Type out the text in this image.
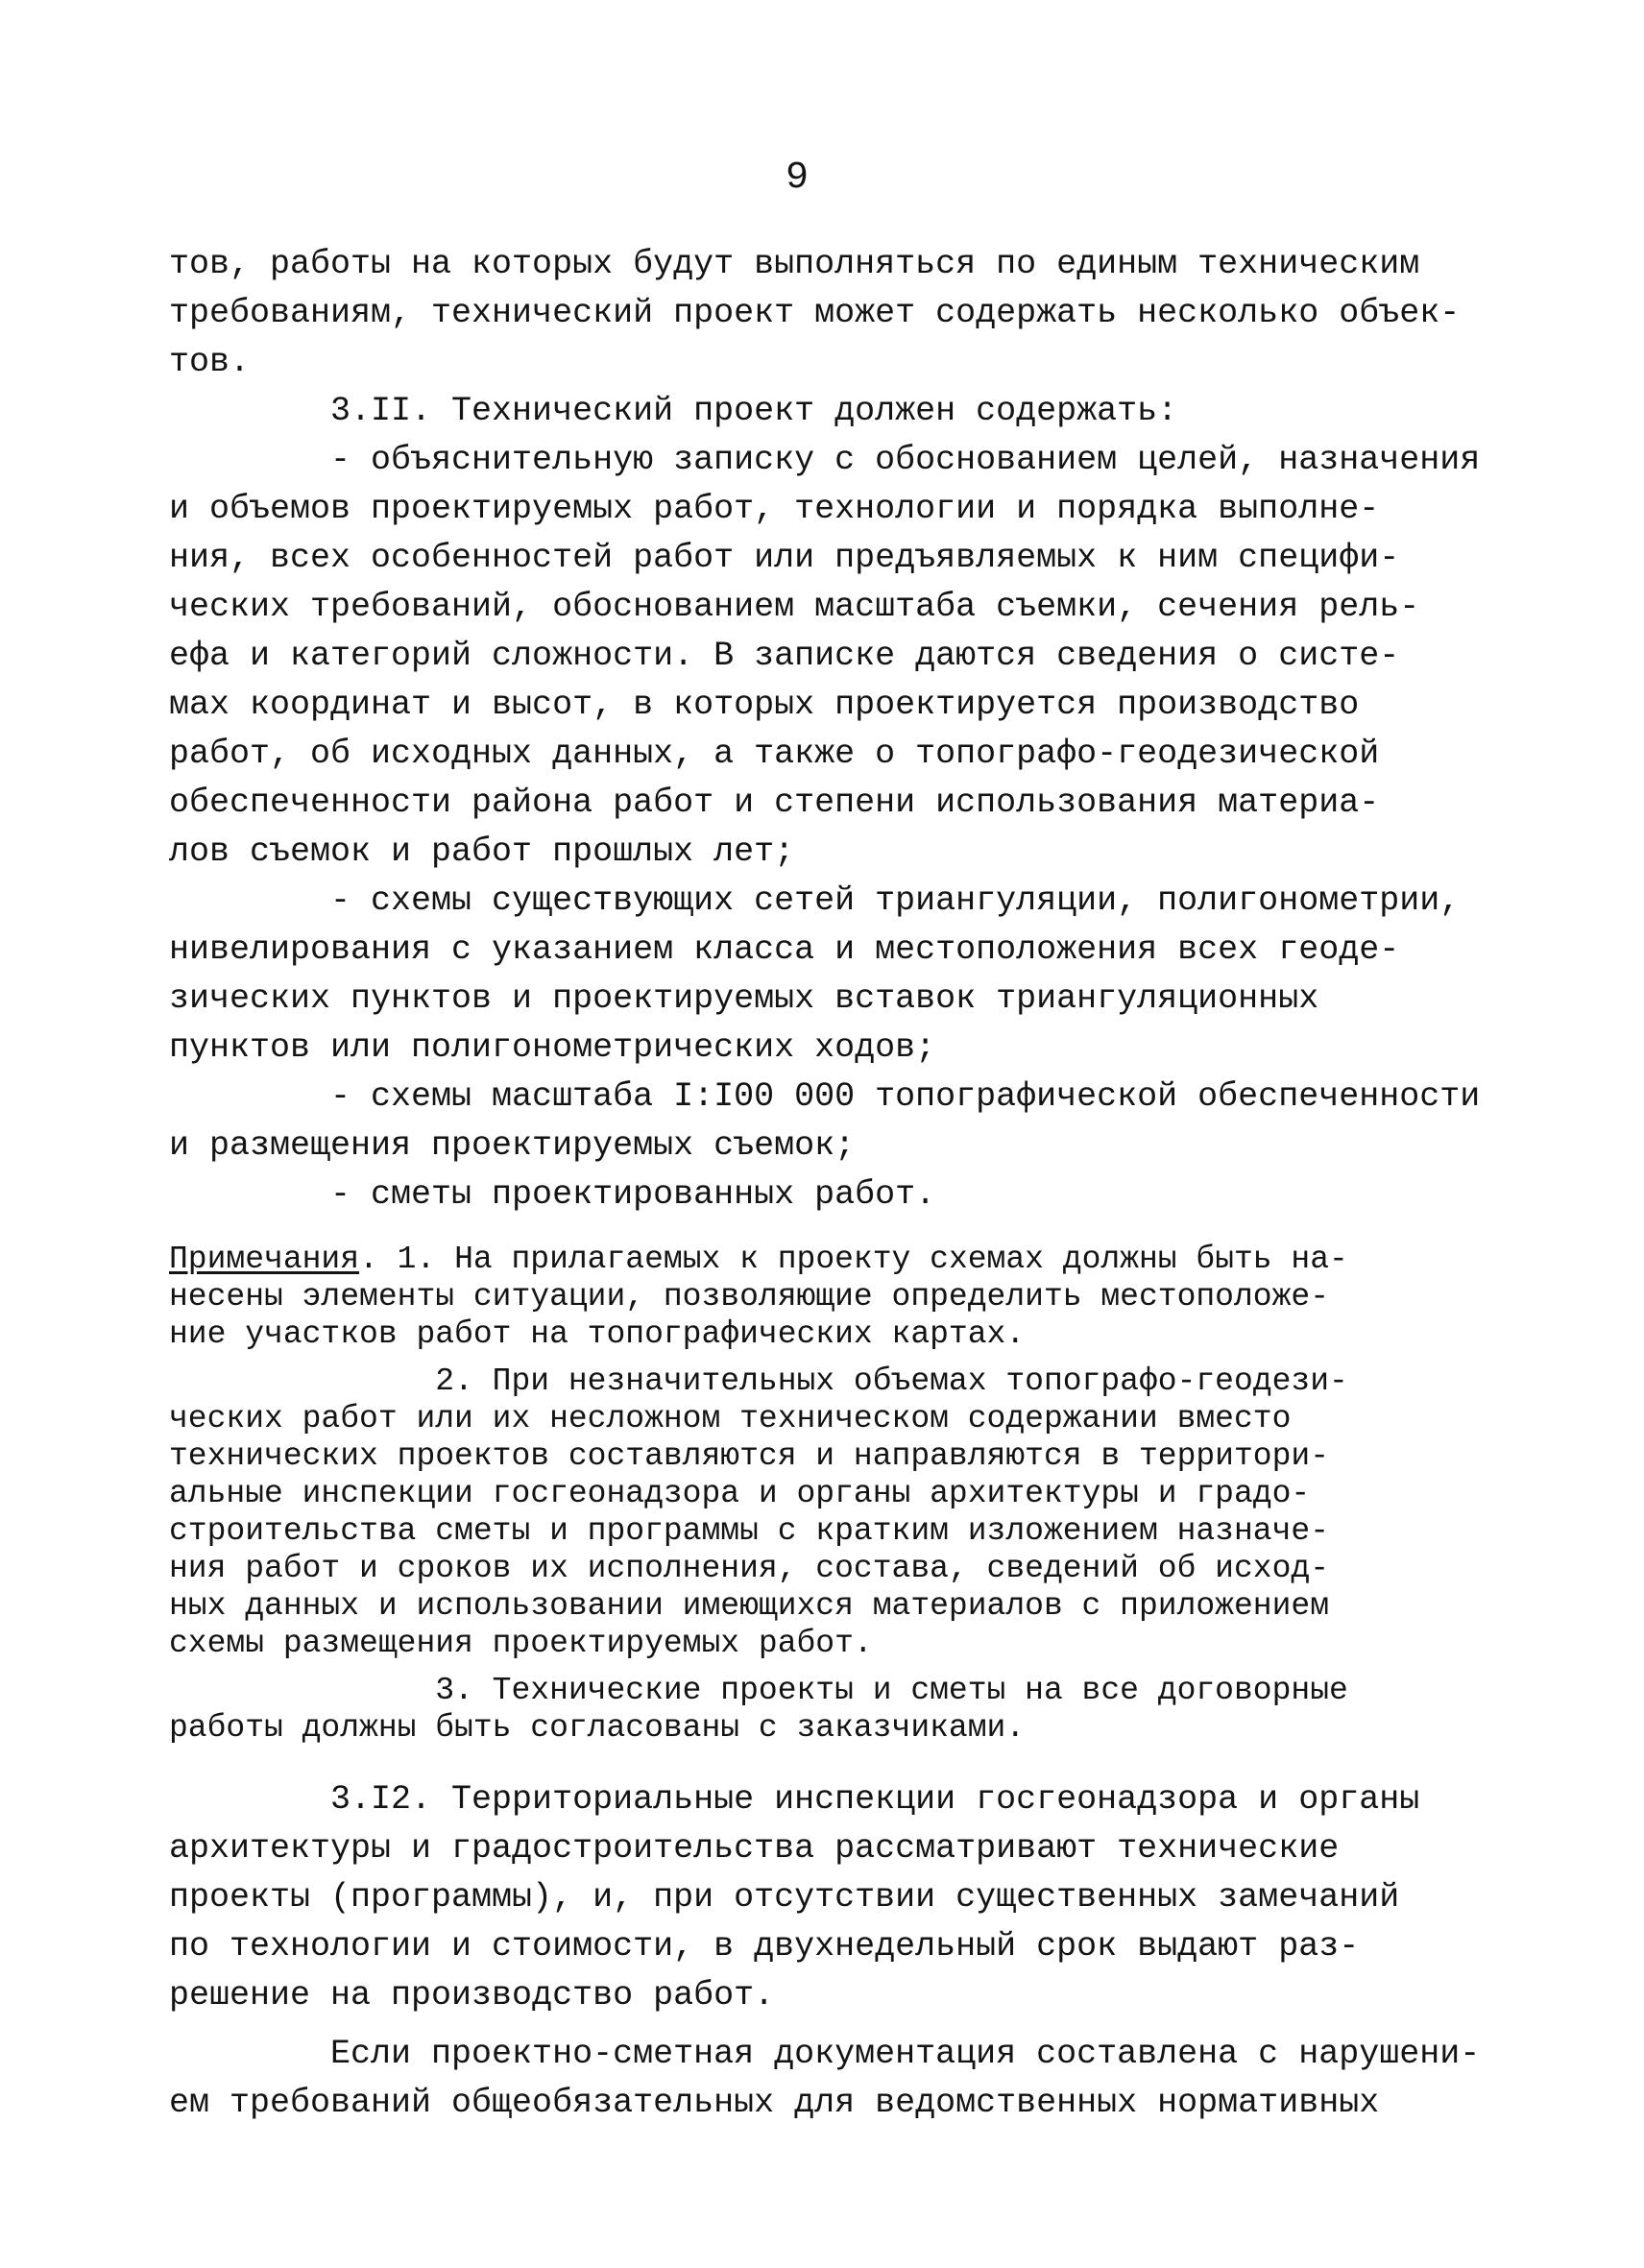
9
тов, работы на которых будут выполняться по единым техническим
требованиям, технический проект может содержать несколько объек-
тов.
3.II. Технический проект должен содержать:
- объяснительную записку с обоснованием целей, назначения
и объемов проектируемых работ, технологии и порядка выполне-
ния, всех особенностей работ или предъявляемых к ним специфи-
ческих требований, обоснованием масштаба съемки, сечения рель-
ефа и категорий сложности. В записке даются сведения о систе-
мах координат и высот, в которых проектируется производство
работ, об исходных данных, а также о топографо-геодезической
обеспеченности района работ и степени использования материа-
лов съемок и работ прошлых лет;
- схемы существующих сетей триангуляции, полигонометрии,
нивелирования с указанием класса и местоположения всех геоде-
зических пунктов и проектируемых вставок триангуляционных
пунктов или полигонометрических ходов;
- схемы масштаба I:I00 000 топографической обеспеченности
и размещения проектируемых съемок;
- сметы проектированных работ.
Примечания. 1. На прилагаемых к проекту схемах должны быть на-
несены элементы ситуации, позволяющие определить местоположе-
ние участков работ на топографических картах.
2. При незначительных объемах топографо-геодези-
ческих работ или их несложном техническом содержании вместо
технических проектов составляются и направляются в территори-
альные инспекции госгеонадзора и органы архитектуры и градо-
строительства сметы и программы с кратким изложением назначе-
ния работ и сроков их исполнения, состава, сведений об исход-
ных данных и использовании имеющихся материалов с приложением
схемы размещения проектируемых работ.
3. Технические проекты и сметы на все договорные
работы должны быть согласованы с заказчиками.
3.I2. Территориальные инспекции госгеонадзора и органы
архитектуры и градостроительства рассматривают технические
проекты (программы), и, при отсутствии существенных замечаний
по технологии и стоимости, в двухнедельный срок выдают раз-
решение на производство работ.
Если проектно-сметная документация составлена с нарушени-
ем требований общеобязательных для ведомственных нормативных
